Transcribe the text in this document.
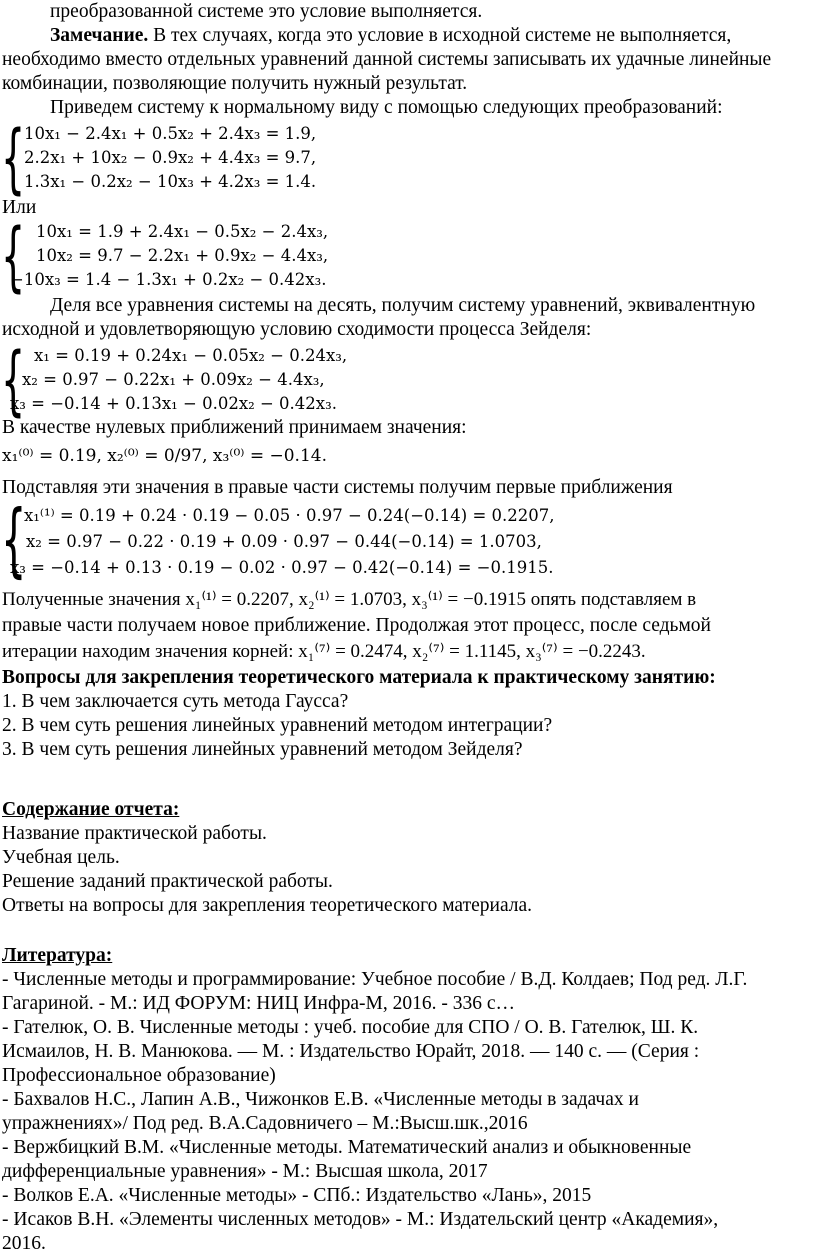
преобразованной системе это условие выполняется.
Замечание. В тех случаях, когда это условие в исходной системе не выполняется,
необходимо вместо отдельных уравнений данной системы записывать их удачные линейные
комбинации, позволяющие получить нужный результат.
Приведем систему к нормальному виду с помощью следующих преобразований:
{
10x₁ − 2.4x₁ + 0.5x₂ + 2.4x₃ = 1.9,
2.2x₁ + 10x₂ − 0.9x₂ + 4.4x₃ = 9.7,
1.3x₁ − 0.2x₂ − 10x₃ + 4.2x₃ = 1.4.
Или
{ 10x₁ = 1.9 + 2.4x₁ − 0.5x₂ − 2.4x₃,
10x₂ = 9.7 − 2.2x₁ + 0.9x₂ − 4.4x₃,
−10x₃ = 1.4 − 1.3x₁ + 0.2x₂ − 0.42x₃.
Деля все уравнения системы на десять, получим систему уравнений, эквивалентную
исходной и удовлетворяющую условию сходимости процесса Зейделя:
{ x₁ = 0.19 + 0.24x₁ − 0.05x₂ − 0.24x₃,
x₂ = 0.97 − 0.22x₁ + 0.09x₂ − 4.4x₃,
x₃ = −0.14 + 0.13x₁ − 0.02x₂ − 0.42x₃.
В качестве нулевых приближений принимаем значения:
x₁⁽⁰⁾ = 0.19, x₂⁽⁰⁾ = 0/97, x₃⁽⁰⁾ = −0.14.
Подставляя эти значения в правые части системы получим первые приближения
{
x₁⁽¹⁾ = 0.19 + 0.24 · 0.19 − 0.05 · 0.97 − 0.24(−0.14) = 0.2207,
x₂ = 0.97 − 0.22 · 0.19 + 0.09 · 0.97 − 0.44(−0.14) = 1.0703,
x₃ = −0.14 + 0.13 · 0.19 − 0.02 · 0.97 − 0.42(−0.14) = −0.1915.
Полученные значения x₁⁽¹⁾ = 0.2207, x₂⁽¹⁾ = 1.0703, x₃⁽¹⁾ = −0.1915 опять подставляем в
правые части получаем новое приближение. Продолжая этот процесс, после седьмой
итерации находим значения корней: x₁⁽⁷⁾ = 0.2474, x₂⁽⁷⁾ = 1.1145, x₃⁽⁷⁾ = −0.2243.
Вопросы для закрепления теоретического материала к практическому занятию:
1. В чем заключается суть метода Гаусса?
2. В чем суть решения линейных уравнений методом интеграции?
3. В чем суть решения линейных уравнений методом Зейделя?
Содержание отчета:
Название практической работы.
Учебная цель.
Решение заданий практической работы.
Ответы на вопросы для закрепления теоретического материала.
Литература:
- Численные методы и программирование: Учебное пособие / В.Д. Колдаев; Под ред. Л.Г.
Гагариной. - М.: ИД ФОРУМ: НИЦ Инфра-М, 2016. - 336 с…
- Гателюк, О. В. Численные методы : учеб. пособие для СПО / О. В. Гателюк, Ш. К.
Исмаилов, Н. В. Манюкова. — М. : Издательство Юрайт, 2018. — 140 с. — (Серия :
Профессиональное образование)
- Бахвалов Н.С., Лапин А.В., Чижонков Е.В. «Численные методы в задачах и
упражнениях»/ Под ред. В.А.Садовничего – М.:Высш.шк.,2016
- Вержбицкий В.М. «Численные методы. Математический анализ и обыкновенные
дифференциальные уравнения» - М.: Высшая школа, 2017
- Волков Е.А. «Численные методы» - СПб.: Издательство «Лань», 2015
- Исаков В.Н. «Элементы численных методов» - М.: Издательский центр «Академия»,
2016.
